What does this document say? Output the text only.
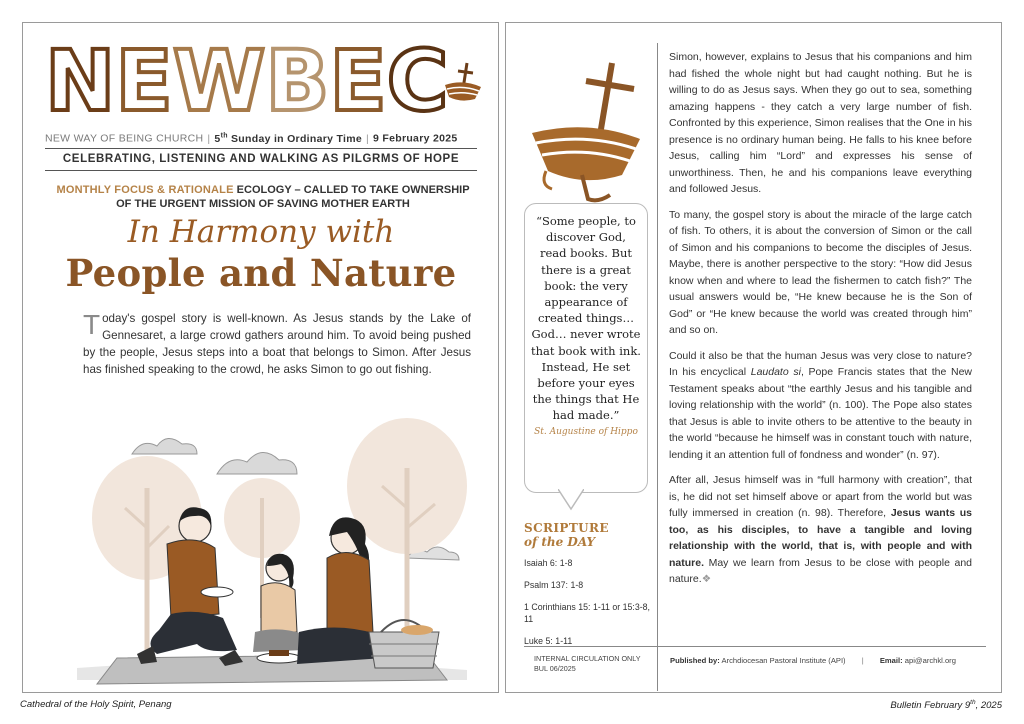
N E W B E C
NEW WAY OF BEING CHURCH | 5th Sunday in Ordinary Time | 9 February 2025
CELEBRATING, LISTENING AND WALKING AS PILGRMS OF HOPE
MONTHLY FOCUS & RATIONALE ECOLOGY – CALLED TO TAKE OWNERSHIP
OF THE URGENT MISSION OF SAVING MOTHER EARTH
In Harmony with
People and Nature
Today's gospel story is well-known. As Jesus stands by the Lake of Gennesaret, a large crowd gathers around him. To avoid being pushed by the people, Jesus steps into a boat that belongs to Simon. After Jesus has finished speaking to the crowd, he asks Simon to go out fishing.
“Some people, to discover God, read books. But there is a great book: the very appearance of created things… God… never wrote that book with ink. Instead, He set before your eyes the things that He had made.”
St. Augustine of Hippo
SCRIPTURE
of the DAY
Isaiah 6: 1-8
Psalm 137: 1-8
1 Corinthians 15: 1-11 or 15:3-8, 11
Luke 5: 1-11

Simon, however, explains to Jesus that his companions and him had fished the whole night but had caught nothing. But he is willing to do as Jesus says. When they go out to sea, something amazing happens - they catch a very large number of fish. Confronted by this experience, Simon realises that the One in his presence is no ordinary human being. He falls to his knee before Jesus, calling him “Lord” and expresses his sense of unworthiness. Then, he and his companions leave everything and followed Jesus.

To many, the gospel story is about the miracle of the large catch of fish. To others, it is about the conversion of Simon or the call of Simon and his companions to become the disciples of Jesus. Maybe, there is another perspective to the story: “How did Jesus know when and where to lead the fishermen to catch fish?” The usual answers would be, “He knew because he is the Son of God” or “He knew because the world was created through him” and so on.

Could it also be that the human Jesus was very close to nature? In his encyclical Laudato si, Pope Francis states that the New Testament speaks about “the earthly Jesus and his tangible and loving relationship with the world” (n. 100). The Pope also states that Jesus is able to invite others to be attentive to the beauty in the world “because he himself was in constant touch with nature, lending it an attention full of fondness and wonder” (n. 97).

After all, Jesus himself was in “full harmony with creation”, that is, he did not set himself above or apart from the world but was fully immersed in creation (n. 98). Therefore, Jesus wants us too, as his disciples, to have a tangible and loving relationship with the world, that is, with people and with nature. May we learn from Jesus to be close with people and nature.❖

INTERNAL CIRCULATION ONLY
BUL 06/2025
Published by: Archdiocesan Pastoral Institute (API) | Email: api@archkl.org
Cathedral of the Holy Spirit, Penang	Bulletin February 9th, 2025
